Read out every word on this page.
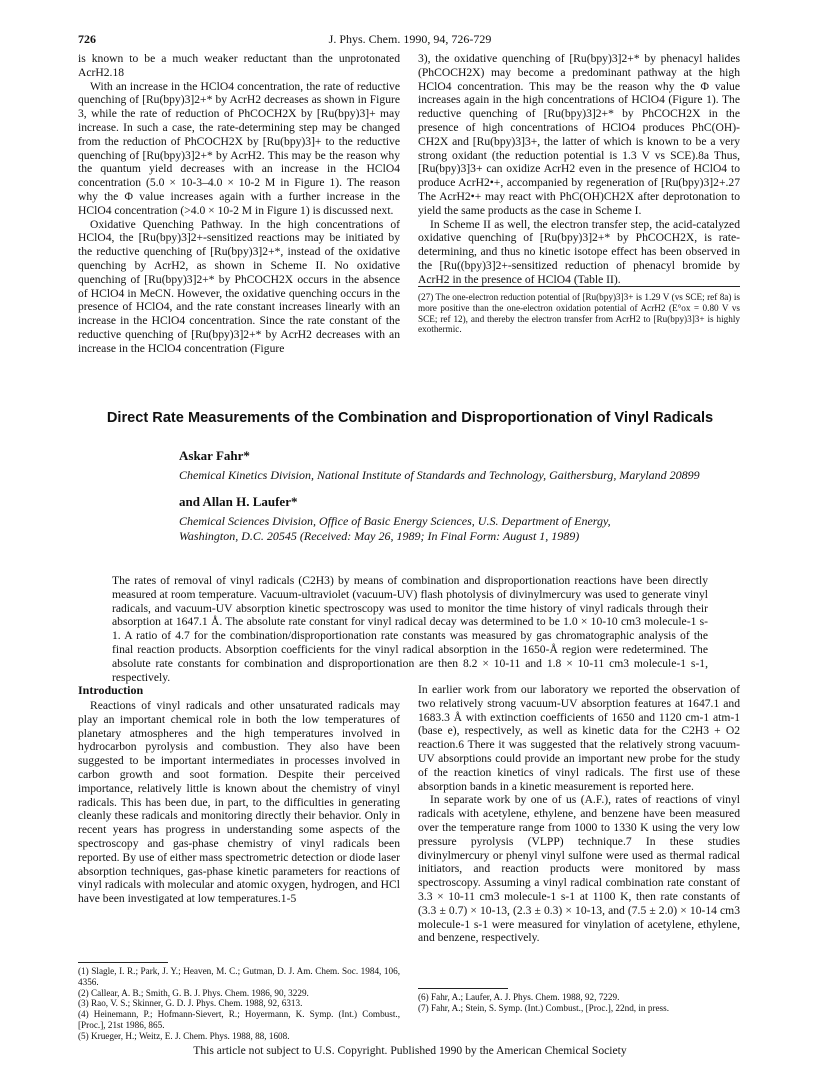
726	J. Phys. Chem. 1990, 94, 726-729

is known to be a much weaker reductant than the unprotonated AcrH2.18

With an increase in the HClO4 concentration, the rate of reductive quenching of [Ru(bpy)3]2+* by AcrH2 decreases as shown in Figure 3, while the rate of reduction of PhCOCH2X by [Ru(bpy)3]+ may increase. In such a case, the rate-determining step may be changed from the reduction of PhCOCH2X by [Ru(bpy)3]+ to the reductive quenching of [Ru(bpy)3]2+* by AcrH2. This may be the reason why the quantum yield decreases with an increase in the HClO4 concentration (5.0 × 10-3–4.0 × 10-2 M in Figure 1). The reason why the Φ value increases again with a further increase in the HClO4 concentration (>4.0 × 10-2 M in Figure 1) is discussed next.

Oxidative Quenching Pathway. In the high concentrations of HClO4, the [Ru(bpy)3]2+-sensitized reactions may be initiated by the reductive quenching of [Ru(bpy)3]2+*, instead of the oxidative quenching by AcrH2, as shown in Scheme II. No oxidative quenching of [Ru(bpy)3]2+* by PhCOCH2X occurs in the absence of HClO4 in MeCN. However, the oxidative quenching occurs in the presence of HClO4, and the rate constant increases linearly with an increase in the HClO4 concentration. Since the rate constant of the reductive quenching of [Ru(bpy)3]2+* by AcrH2 decreases with an increase in the HClO4 concentration (Figure

3), the oxidative quenching of [Ru(bpy)3]2+* by phenacyl halides (PhCOCH2X) may become a predominant pathway at the high HClO4 concentration. This may be the reason why the Φ value increases again in the high concentrations of HClO4 (Figure 1). The reductive quenching of [Ru(bpy)3]2+* by PhCOCH2X in the presence of high concentrations of HClO4 produces PhC(OH)-CH2X and [Ru(bpy)3]3+, the latter of which is known to be a very strong oxidant (the reduction potential is 1.3 V vs SCE).8a Thus, [Ru(bpy)3]3+ can oxidize AcrH2 even in the presence of HClO4 to produce AcrH2•+, accompanied by regeneration of [Ru(bpy)3]2+.27 The AcrH2•+ may react with PhC(OH)CH2X after deprotonation to yield the same products as the case in Scheme I.

In Scheme II as well, the electron transfer step, the acid-catalyzed oxidative quenching of [Ru(bpy)3]2+* by PhCOCH2X, is rate-determining, and thus no kinetic isotope effect has been observed in the [Ru((bpy)3]2+-sensitized reduction of phenacyl bromide by AcrH2 in the presence of HClO4 (Table II).

(27) The one-electron reduction potential of [Ru(bpy)3]3+ is 1.29 V (vs SCE; ref 8a) is more positive than the one-electron oxidation potential of AcrH2 (E°ox = 0.80 V vs SCE; ref 12), and thereby the electron transfer from AcrH2 to [Ru(bpy)3]3+ is highly exothermic.

Direct Rate Measurements of the Combination and Disproportionation of Vinyl Radicals
Askar Fahr*
Chemical Kinetics Division, National Institute of Standards and Technology, Gaithersburg, Maryland 20899
and Allan H. Laufer*
Chemical Sciences Division, Office of Basic Energy Sciences, U.S. Department of Energy,
Washington, D.C. 20545 (Received: May 26, 1989; In Final Form: August 1, 1989)
The rates of removal of vinyl radicals (C2H3) by means of combination and disproportionation reactions have been directly measured at room temperature. Vacuum-ultraviolet (vacuum-UV) flash photolysis of divinylmercury was used to generate vinyl radicals, and vacuum-UV absorption kinetic spectroscopy was used to monitor the time history of vinyl radicals through their absorption at 1647.1 Å. The absolute rate constant for vinyl radical decay was determined to be 1.0 × 10-10 cm3 molecule-1 s-1. A ratio of 4.7 for the combination/disproportionation rate constants was measured by gas chromatographic analysis of the final reaction products. Absorption coefficients for the vinyl radical absorption in the 1650-Å region were redetermined. The absolute rate constants for combination and disproportionation are then 8.2 × 10-11 and 1.8 × 10-11 cm3 molecule-1 s-1, respectively.
Introduction

Reactions of vinyl radicals and other unsaturated radicals may play an important chemical role in both the low temperatures of planetary atmospheres and the high temperatures involved in hydrocarbon pyrolysis and combustion. They also have been suggested to be important intermediates in processes involved in carbon growth and soot formation. Despite their perceived importance, relatively little is known about the chemistry of vinyl radicals. This has been due, in part, to the difficulties in generating cleanly these radicals and monitoring directly their behavior. Only in recent years has progress in understanding some aspects of the spectroscopy and gas-phase chemistry of vinyl radicals been reported. By use of either mass spectrometric detection or diode laser absorption techniques, gas-phase kinetic parameters for reactions of vinyl radicals with molecular and atomic oxygen, hydrogen, and HCl have been investigated at low temperatures.1-5

In earlier work from our laboratory we reported the observation of two relatively strong vacuum-UV absorption features at 1647.1 and 1683.3 Å with extinction coefficients of 1650 and 1120 cm-1 atm-1 (base e), respectively, as well as kinetic data for the C2H3 + O2 reaction.6 There it was suggested that the relatively strong vacuum-UV absorptions could provide an important new probe for the study of the reaction kinetics of vinyl radicals. The first use of these absorption bands in a kinetic measurement is reported here.

In separate work by one of us (A.F.), rates of reactions of vinyl radicals with acetylene, ethylene, and benzene have been measured over the temperature range from 1000 to 1330 K using the very low pressure pyrolysis (VLPP) technique.7 In these studies divinylmercury or phenyl vinyl sulfone were used as thermal radical initiators, and reaction products were monitored by mass spectroscopy. Assuming a vinyl radical combination rate constant of 3.3 × 10-11 cm3 molecule-1 s-1 at 1100 K, then rate constants of (3.3 ± 0.7) × 10-13, (2.3 ± 0.3) × 10-13, and (7.5 ± 2.0) × 10-14 cm3 molecule-1 s-1 were measured for vinylation of acetylene, ethylene, and benzene, respectively.

(1) Slagle, I. R.; Park, J. Y.; Heaven, M. C.; Gutman, D. J. Am. Chem. Soc. 1984, 106, 4356.

(2) Callear, A. B.; Smith, G. B. J. Phys. Chem. 1986, 90, 3229.

(3) Rao, V. S.; Skinner, G. D. J. Phys. Chem. 1988, 92, 6313.

(4) Heinemann, P.; Hofmann-Sievert, R.; Hoyermann, K. Symp. (Int.) Combust., [Proc.], 21st 1986, 865.

(5) Krueger, H.; Weitz, E. J. Chem. Phys. 1988, 88, 1608.

(6) Fahr, A.; Laufer, A. J. Phys. Chem. 1988, 92, 7229.

(7) Fahr, A.; Stein, S. Symp. (Int.) Combust., [Proc.], 22nd, in press.

This article not subject to U.S. Copyright. Published 1990 by the American Chemical Society
